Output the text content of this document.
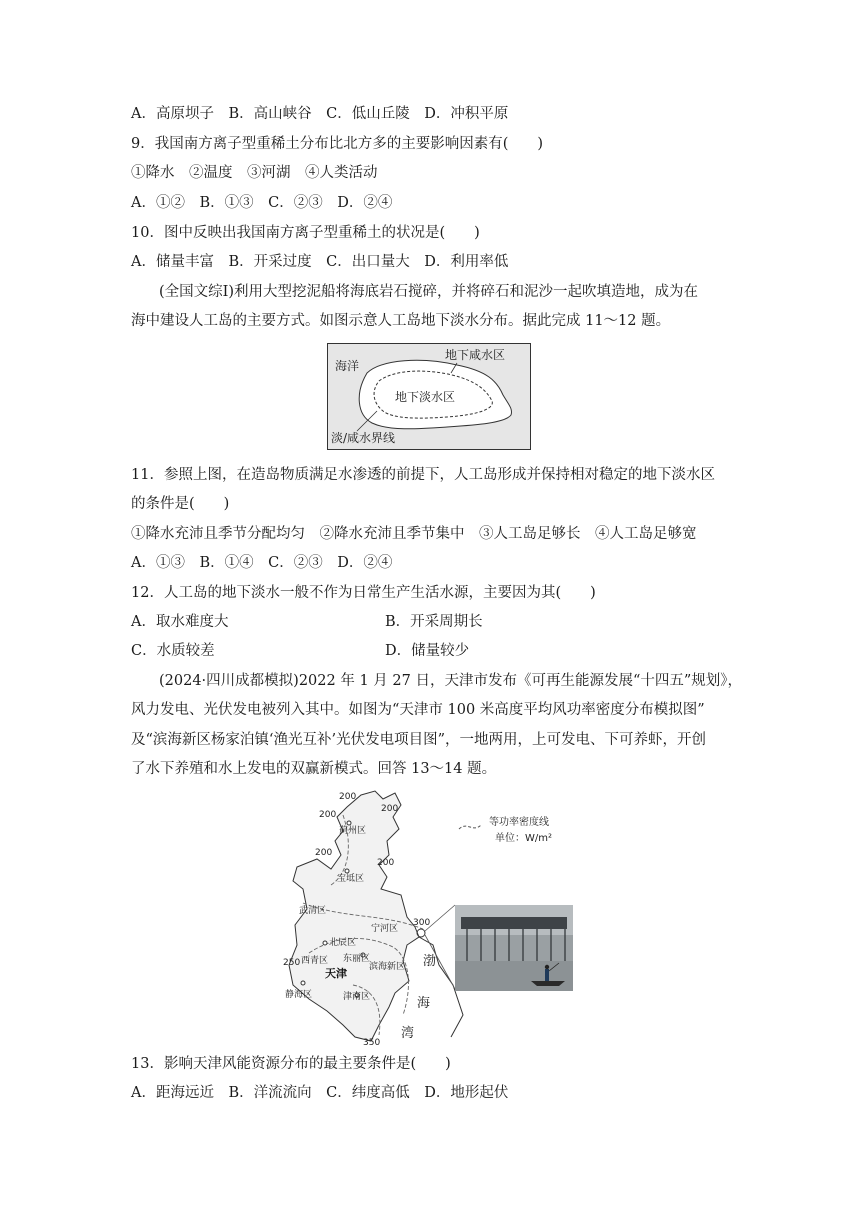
A．高原坝子　B．高山峡谷　C．低山丘陵　D．冲积平原
9．我国南方离子型重稀土分布比北方多的主要影响因素有(　　)
①降水　②温度　③河湖　④人类活动
A．①②　B．①③　C．②③　D．②④
10．图中反映出我国南方离子型重稀土的状况是(　　)
A．储量丰富　B．开采过度　C．出口量大　D．利用率低
(全国文综Ⅰ)利用大型挖泥船将海底岩石搅碎，并将碎石和泥沙一起吹填造地，成为在
海中建设人工岛的主要方式。如图示意人工岛地下淡水分布。据此完成 11～12 题。
海洋
地下咸水区
地下淡水区
淡/咸水界线
11．参照上图，在造岛物质满足水渗透的前提下，人工岛形成并保持相对稳定的地下淡水区
的条件是(　　)
①降水充沛且季节分配均匀　②降水充沛且季节集中　③人工岛足够长　④人工岛足够宽
A．①③　B．①④　C．②③　D．②④
12．人工岛的地下淡水一般不作为日常生产生活水源，主要因为其(　　)
A．取水难度大	B．开采周期长
C．水质较差	D．储量较少
(2024·四川成都模拟)2022 年 1 月 27 日，天津市发布《可再生能源发展“十四五”规划》，
风力发电、光伏发电被列入其中。如图为“天津市 100 米高度平均风功率密度分布模拟图”
及“滨海新区杨家泊镇‘渔光互补’光伏发电项目图”，一地两用，上可发电、下可养虾，开创
了水下养殖和水上发电的双赢新模式。回答 13～14 题。
200
200
200
200
200
300
250
350
蓟州区
宝坻区
武清区
宁河区
北辰区
东丽区
西青区
天津 滨海新区
静海区	津南区
渤
海
湾
等功率密度线
单位：W/m²
13．影响天津风能资源分布的最主要条件是(　　)
A．距海远近　B．洋流流向　C．纬度高低　D．地形起伏
